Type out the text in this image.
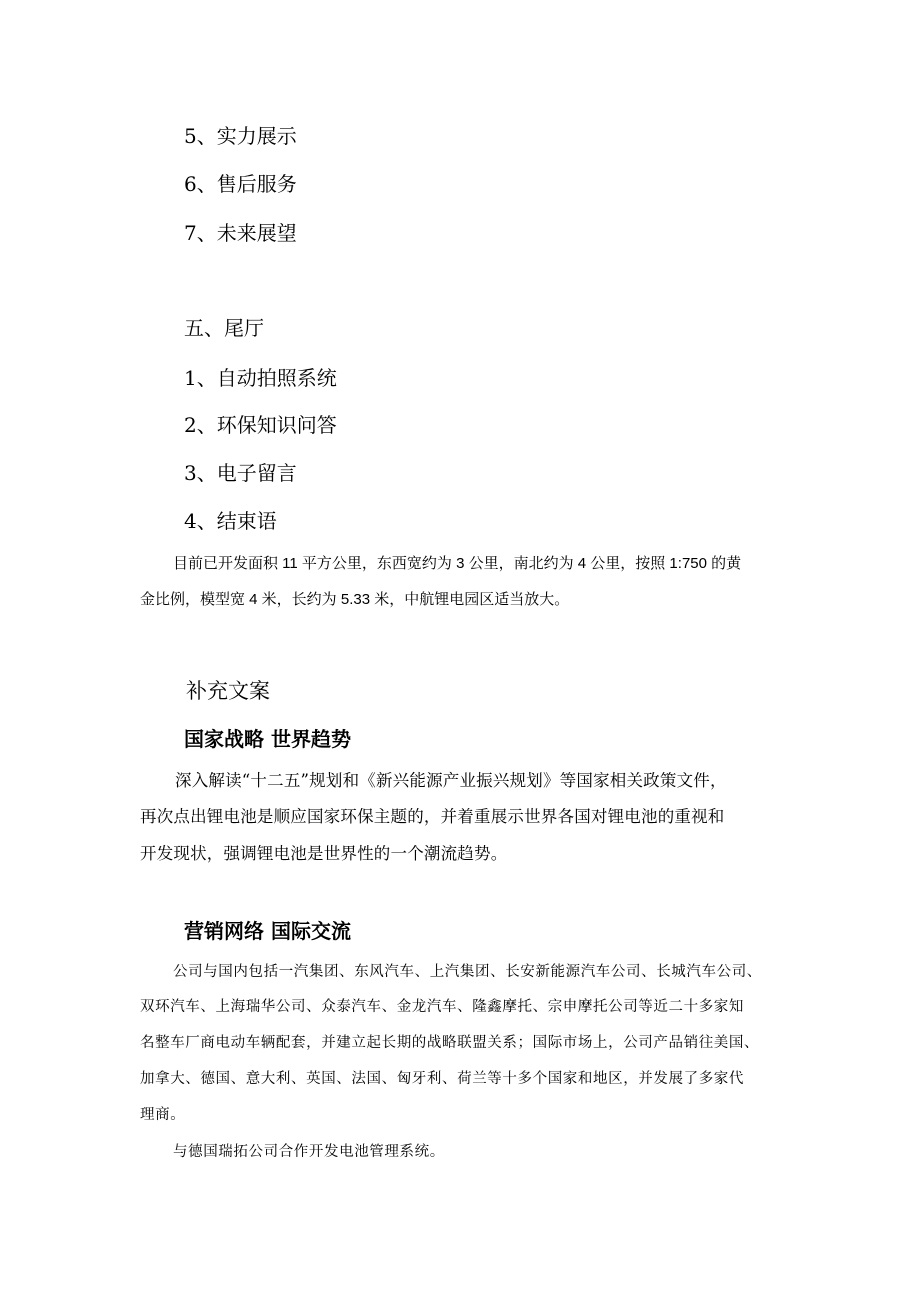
5、实力展示
6、售后服务
7、未来展望
五、尾厅
1、自动拍照系统
2、环保知识问答
3、电子留言
4、结束语
目前已开发面积 11 平方公里，东西宽约为 3 公里，南北约为 4 公里，按照 1:750 的黄
金比例，模型宽 4 米，长约为 5.33 米，中航锂电园区适当放大。
补充文案
国家战略 世界趋势
深入解读“十二五”规划和《新兴能源产业振兴规划》等国家相关政策文件，
再次点出锂电池是顺应国家环保主题的，并着重展示世界各国对锂电池的重视和
开发现状，强调锂电池是世界性的一个潮流趋势。
营销网络 国际交流
公司与国内包括一汽集团、东风汽车、上汽集团、长安新能源汽车公司、长城汽车公司、
双环汽车、上海瑞华公司、众泰汽车、金龙汽车、隆鑫摩托、宗申摩托公司等近二十多家知
名整车厂商电动车辆配套，并建立起长期的战略联盟关系；国际市场上，公司产品销往美国、
加拿大、德国、意大利、英国、法国、匈牙利、荷兰等十多个国家和地区，并发展了多家代
理商。
与德国瑞拓公司合作开发电池管理系统。
